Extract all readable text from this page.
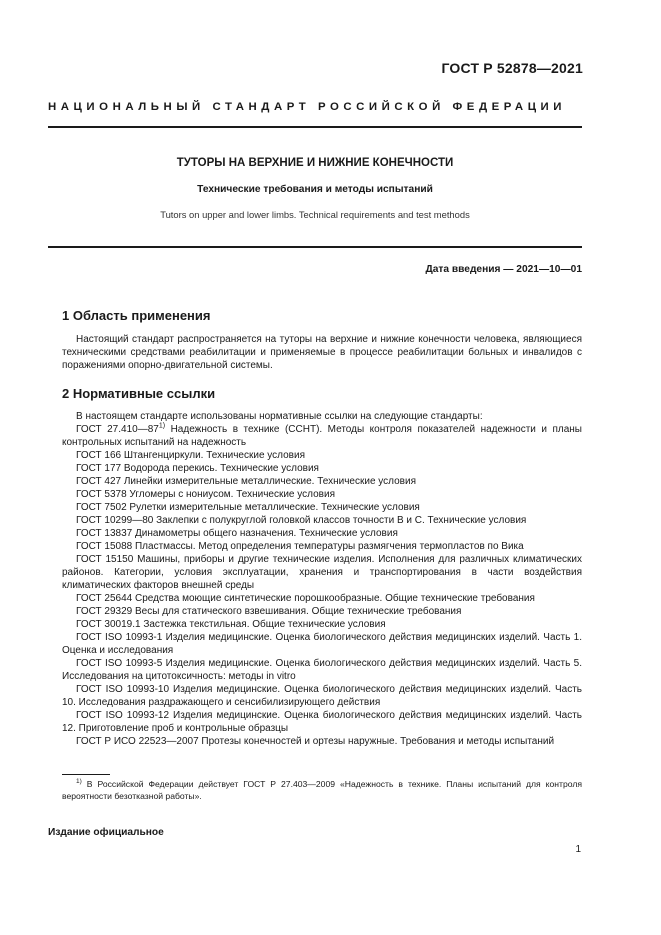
ГОСТ Р 52878—2021
НАЦИОНАЛЬНЫЙ СТАНДАРТ РОССИЙСКОЙ ФЕДЕРАЦИИ
ТУТОРЫ НА ВЕРХНИЕ И НИЖНИЕ КОНЕЧНОСТИ
Технические требования и методы испытаний
Tutors on upper and lower limbs. Technical requirements and test methods
Дата введения — 2021—10—01
1 Область применения
Настоящий стандарт распространяется на туторы на верхние и нижние конечности человека, являющиеся техническими средствами реабилитации и применяемые в процессе реабилитации больных и инвалидов с поражениями опорно-двигательной системы.
2 Нормативные ссылки
В настоящем стандарте использованы нормативные ссылки на следующие стандарты:

ГОСТ 27.410—87$^{1)}$ Надежность в технике (ССНТ). Методы контроля показателей надежности и планы контрольных испытаний на надежность

ГОСТ 166 Штангенциркули. Технические условия

ГОСТ 177 Водорода перекись. Технические условия

ГОСТ 427 Линейки измерительные металлические. Технические условия

ГОСТ 5378 Угломеры с нониусом. Технические условия

ГОСТ 7502 Рулетки измерительные металлические. Технические условия

ГОСТ 10299—80 Заклепки с полукруглой головкой классов точности В и С. Технические условия

ГОСТ 13837 Динамометры общего назначения. Технические условия

ГОСТ 15088 Пластмассы. Метод определения температуры размягчения термопластов по Вика

ГОСТ 15150 Машины, приборы и другие технические изделия. Исполнения для различных климатических районов. Категории, условия эксплуатации, хранения и транспортирования в части воздействия климатических факторов внешней среды

ГОСТ 25644 Средства моющие синтетические порошкообразные. Общие технические требования

ГОСТ 29329 Весы для статического взвешивания. Общие технические требования

ГОСТ 30019.1 Застежка текстильная. Общие технические условия

ГОСТ ISO 10993-1 Изделия медицинские. Оценка биологического действия медицинских изделий. Часть 1. Оценка и исследования

ГОСТ ISO 10993-5 Изделия медицинские. Оценка биологического действия медицинских изделий. Часть 5. Исследования на цитотоксичность: методы in vitro

ГОСТ ISO 10993-10 Изделия медицинские. Оценка биологического действия медицинских изделий. Часть 10. Исследования раздражающего и сенсибилизирующего действия

ГОСТ ISO 10993-12 Изделия медицинские. Оценка биологического действия медицинских изделий. Часть 12. Приготовление проб и контрольные образцы

ГОСТ Р ИСО 22523—2007 Протезы конечностей и ортезы наружные. Требования и методы испытаний

$^{1)}$ В Российской Федерации действует ГОСТ Р 27.403—2009 «Надежность в технике. Планы испытаний для контроля вероятности безотказной работы».
Издание официальное
1
